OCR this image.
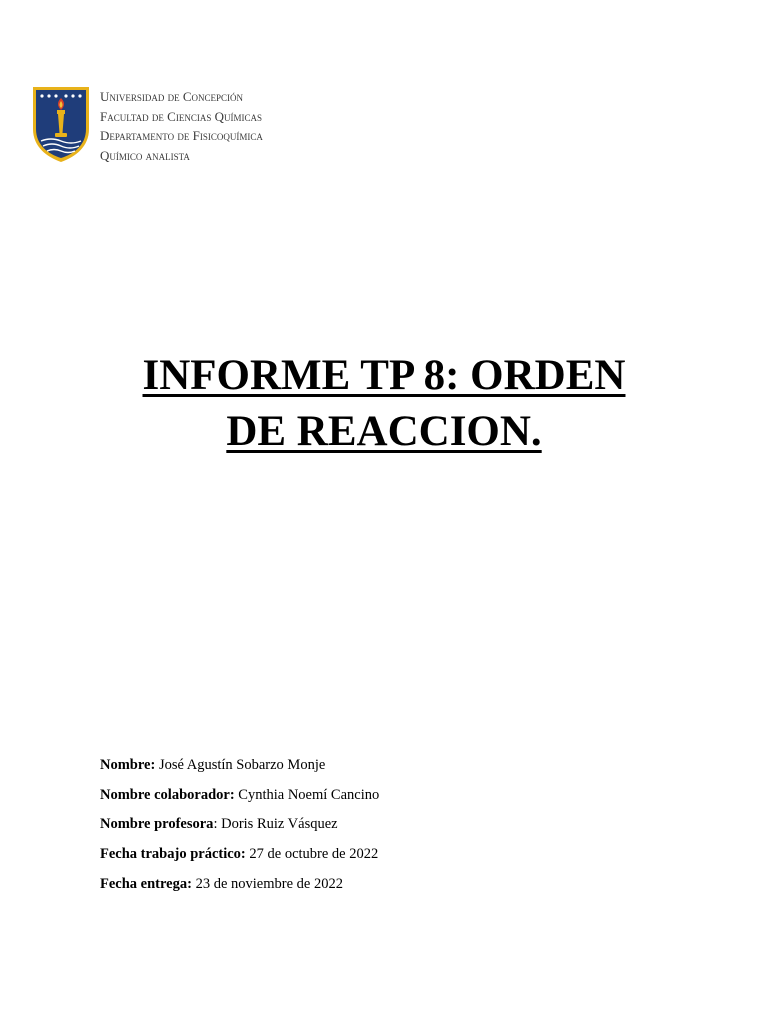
Universidad de Concepción
Facultad de Ciencias Químicas
Departamento de Fisicoquímica
Químico analista
INFORME TP 8: ORDEN
DE REACCION.
Nombre: José Agustín Sobarzo Monje
Nombre colaborador: Cynthia Noemí Cancino
Nombre profesora: Doris Ruiz Vásquez
Fecha trabajo práctico: 27 de octubre de 2022
Fecha entrega: 23 de noviembre de 2022
